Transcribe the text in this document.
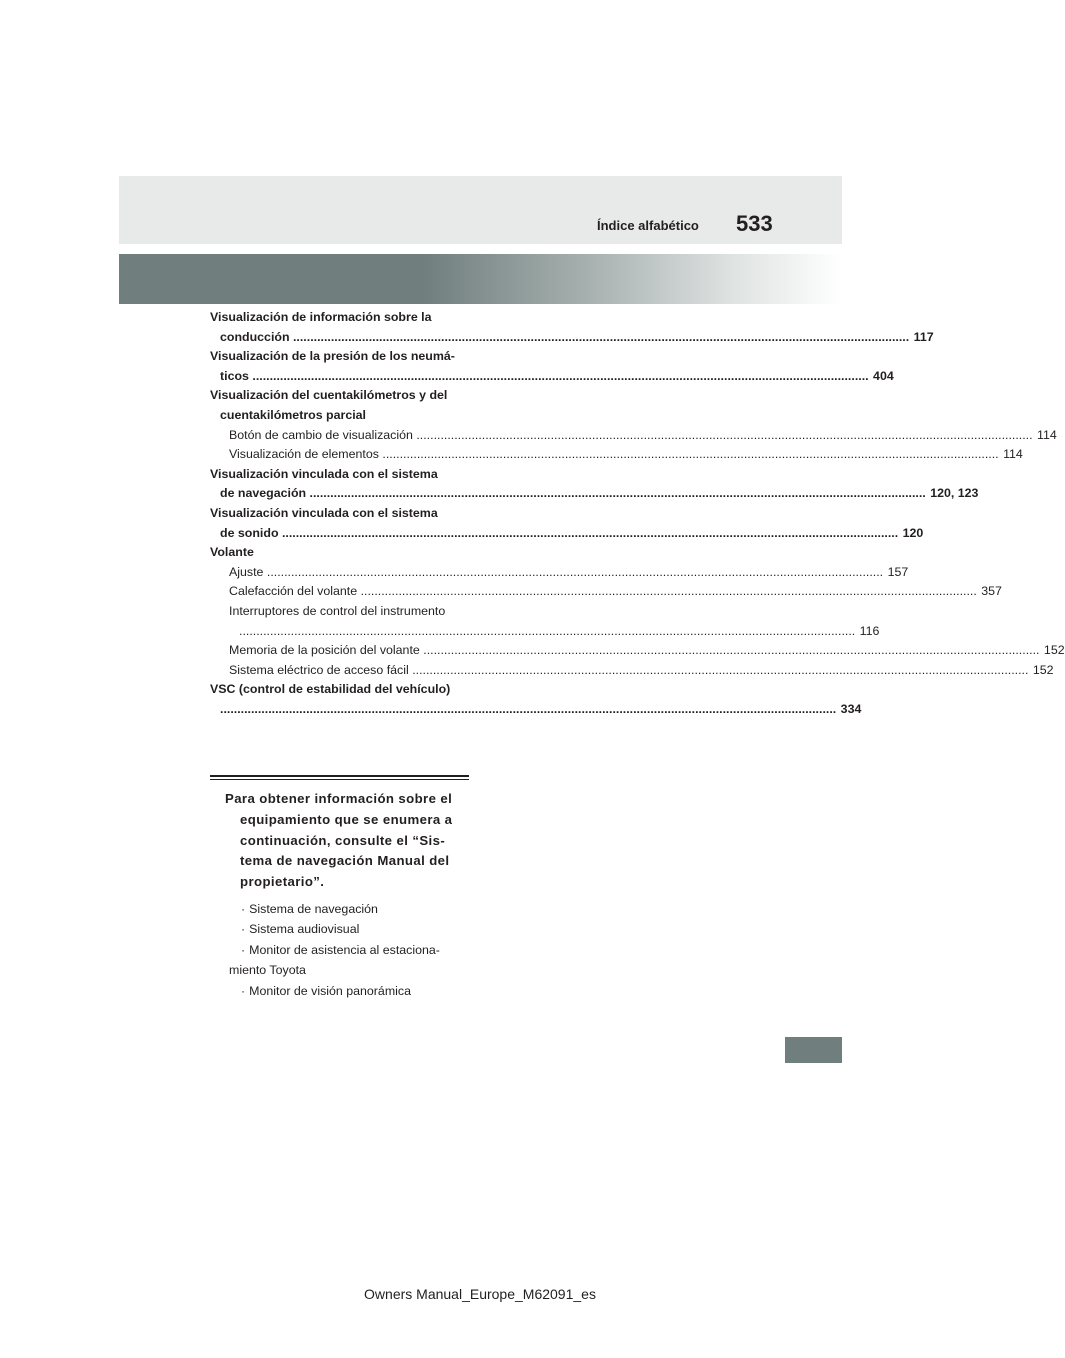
Índice alfabético 533
Visualización de información sobre la
conducción .....	117
Visualización de la presión de los neumá-
ticos .....	404
Visualización del cuentakilómetros y del
cuentakilómetros parcial
Botón de cambio de visualización .....	114
Visualización de elementos .....	114
Visualización vinculada con el sistema
de navegación .....	120, 123
Visualización vinculada con el sistema
de sonido .....	120
Volante
Ajuste .....	157
Calefacción del volante .....	357
Interruptores de control del instrumento
..... 116
Memoria de la posición del volante .....	152
Sistema eléctrico de acceso fácil .....	152
VSC (control de estabilidad del vehículo)
..... 334

Para obtener información sobre el equipamiento que se enumera a continuación, consulte el “Sis-tema de navegación Manual del propietario”.

· Sistema de navegación
· Sistema audiovisual
· Monitor de asistencia al estaciona-
miento Toyota
· Monitor de visión panorámica
Owners Manual_Europe_M62091_es
